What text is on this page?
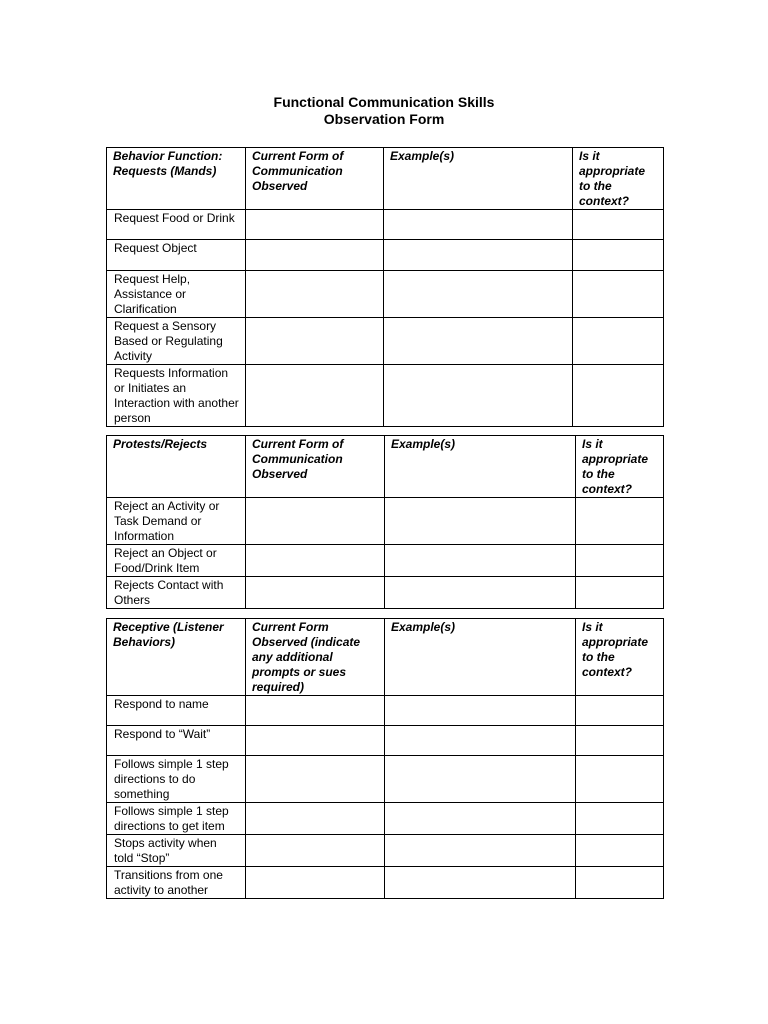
Functional Communication Skills
Observation Form
Behavior Function: Requests (Mands)	Current Form of Communication Observed	Example(s)	Is it appropriate to the context?
Request Food or Drink			
Request Object			
Request Help, Assistance or Clarification			
Request a Sensory Based or Regulating Activity			
Requests Information or Initiates an Interaction with another person			
Protests/Rejects	Current Form of Communication Observed	Example(s)	Is it appropriate to the context?
Reject an Activity or Task Demand or Information			
Reject an Object or Food/Drink Item			
Rejects Contact with Others			
Receptive (Listener Behaviors)	Current Form Observed (indicate any additional prompts or sues required)	Example(s)	Is it appropriate to the context?
Respond to name			
Respond to “Wait”			
Follows simple 1 step directions to do something			
Follows simple 1 step directions to get item			
Stops activity when told “Stop”			
Transitions from one activity to another			
